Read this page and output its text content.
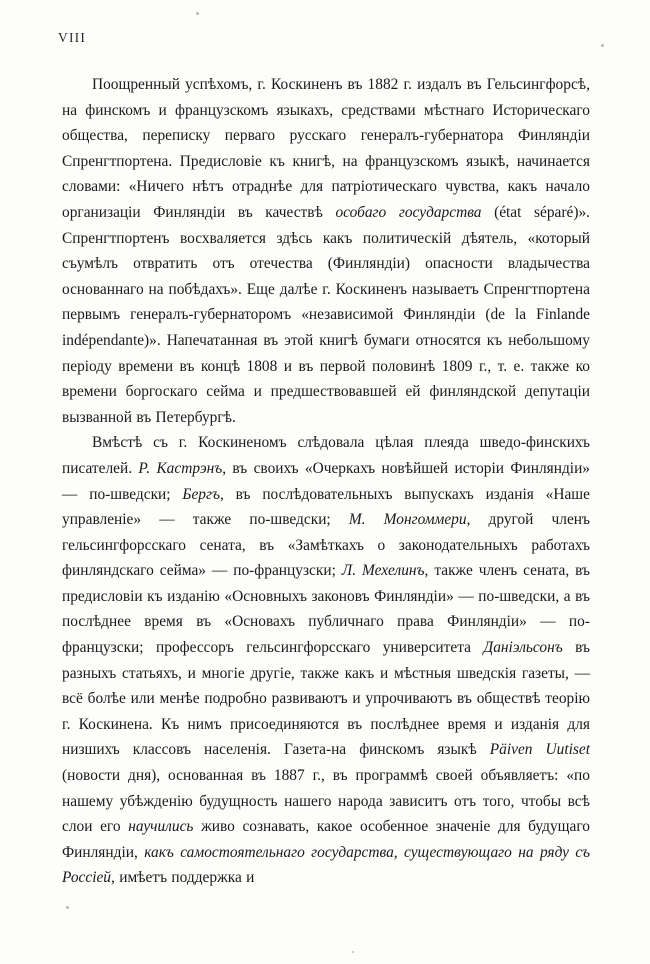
VIII

Поощренный успѣхомъ, г. Коскиненъ въ 1882 г. издалъ въ Гельсингфорсѣ, на финскомъ и французскомъ языкахъ, средствами мѣстнаго Историческаго общества, переписку перваго русскаго генералъ-губернатора Финляндіи Спренгтпортена. Предисловіе къ книгѣ, на французскомъ языкѣ, начинается словами: «Ничего нѣтъ отраднѣе для патріотическаго чувства, какъ начало организаціи Финляндіи въ качествѣ особаго государства (état séparé)». Спренгтпортенъ восхваляется здѣсь какъ политическій дѣятель, «который съумѣлъ отвратить отъ отечества (Финляндіи) опасности владычества основаннаго на побѣдахъ». Еще далѣе г. Коскиненъ называетъ Спренгтпортена первымъ генералъ-губернаторомъ «независимой Финляндіи (de la Finlande indépendante)». Напечатанная въ этой книгѣ бумаги относятся къ небольшому періоду времени въ концѣ 1808 и въ первой половинѣ 1809 г., т. е. также ко времени боргоскаго сейма и предшествовавшей ей финляндской депутаціи вызванной въ Петербургѣ.

Вмѣстѣ съ г. Коскиненомъ слѣдовала цѣлая плеяда шведо-финскихъ писателей. Р. Кастрэнъ, въ своихъ «Очеркахъ новѣйшей исторіи Финляндіи» — по-шведски; Бергъ, въ послѣдовательныхъ выпускахъ изданія «Наше управленіе» — также по-шведски; М. Монгоммери, другой членъ гельсингфорсскаго сената, въ «Замѣткахъ о законодательныхъ работахъ финляндскаго сейма» — по-французски; Л. Мехелинъ, также членъ сената, въ предисловіи къ изданію «Основныхъ законовъ Финляндіи» — по-шведски, а въ послѣднее время въ «Основахъ публичнаго права Финляндіи» — по-французски; профессоръ гельсингфорсскаго университета Даніэльсонъ въ разныхъ статьяхъ, и многіе другіе, также какъ и мѣстныя шведскія газеты, — всё болѣе или менѣе подробно развиваютъ и упрочиваютъ въ обществѣ теорію г. Коскинена. Къ нимъ присоединяются въ послѣднее время и изданія для низшихъ классовъ населенія. Газета-на финскомъ языкѣ Päiven Uutiset (новости дня), основанная въ 1887 г., въ программѣ своей объявляетъ: «по нашему убѣжденію будущность нашего народа зависитъ отъ того, чтобы всѣ слои его научились живо сознавать, какое особенное значеніе для будущаго Финляндіи, какъ самостоятельнаго государства, существующаго на ряду съ Россіей, имѣетъ поддержка и
